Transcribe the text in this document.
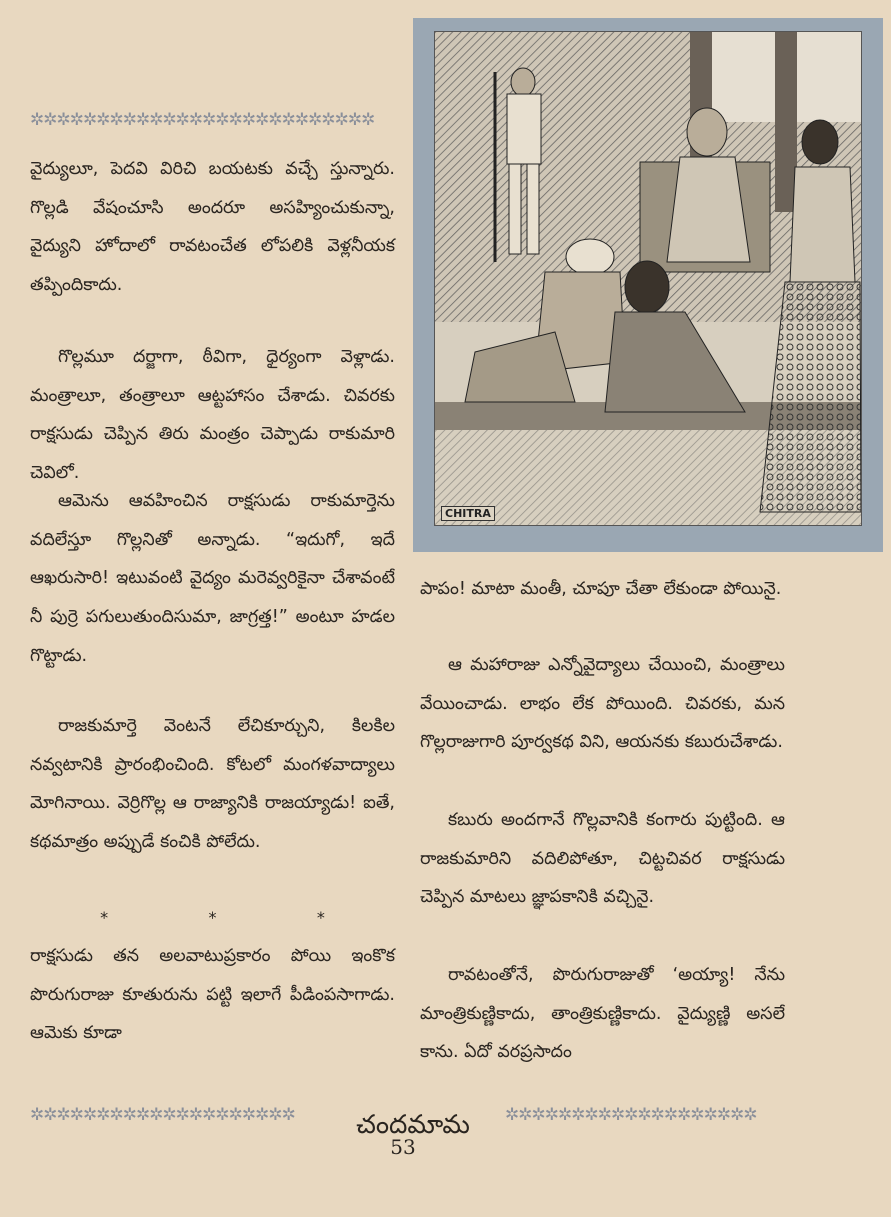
✲✲✲✲✲✲✲✲✲✲✲✲✲✲✲✲✲✲✲✲✲✲✲✲✲✲

వైద్యులూ, పెదవి విరిచి బయటకు వచ్చే స్తున్నారు. గొల్లడి వేషంచూసి అందరూ అసహ్యించుకున్నా, వైద్యుని హోదాలో రావటంచేత లోపలికి వెళ్లనీయక తప్పిందికాదు.

గొల్లమూ దర్జాగా, ఠీవిగా, ధైర్యంగా వెళ్లాడు. మంత్రాలూ, తంత్రాలూ ఆట్టహాసం చేశాడు. చివరకు రాక్షసుడు చెప్పిన తిరు మంత్రం చెప్పాడు రాకుమారి చెవిలో.

ఆమెను ఆవహించిన రాక్షసుడు రాకుమార్తెను వదిలేస్తూ గొల్లనితో అన్నాడు. “ఇదుగో, ఇదే ఆఖరుసారి! ఇటువంటి వైద్యం మరెవ్వరికైనా చేశావంటే నీ పుర్రె పగులుతుందిసుమా, జాగ్రత్త!” అంటూ హడల గొట్టాడు.

రాజకుమార్తె వెంటనే లేచికూర్చుని, కిలకిల నవ్వటానికి ప్రారంభించింది. కోటలో మంగళవాద్యాలు మోగినాయి. వెర్రిగొల్ల ఆ రాజ్యానికి రాజయ్యాడు! ఐతే, కథమాత్రం అప్పుడే కంచికి పోలేదు.

*	*	*

రాక్షసుడు తన అలవాటుప్రకారం పోయి ఇంకొక పొరుగురాజు కూతురును పట్టి ఇలాగే పీడింపసాగాడు. ఆమెకు కూడా

CHITRA

పాపం! మాటా మంతీ, చూపూ చేతా లేకుండా పోయినై.

ఆ మహారాజు ఎన్నోవైద్యాలు చేయించి, మంత్రాలు వేయించాడు. లాభం లేక పోయింది. చివరకు, మన గొల్లరాజుగారి పూర్వకథ విని, ఆయనకు కబురుచేశాడు.

కబురు అందగానే గొల్లవానికి కంగారు పుట్టింది. ఆ రాజకుమారిని వదిలిపోతూ, చిట్టచివర రాక్షసుడు చెప్పిన మాటలు జ్ఞాపకానికి వచ్చినై.

రావటంతోనే, పొరుగురాజుతో ‘అయ్యా! నేను మాంత్రికుణ్ణికాదు, తాంత్రికుణ్ణికాదు. వైద్యుణ్ణి అసలే కాను. ఏదో వరప్రసాదం

✲✲✲✲✲✲✲✲✲✲✲✲✲✲✲✲✲✲✲✲	చందమామ	✲✲✲✲✲✲✲✲✲✲✲✲✲✲✲✲✲✲✲
53
